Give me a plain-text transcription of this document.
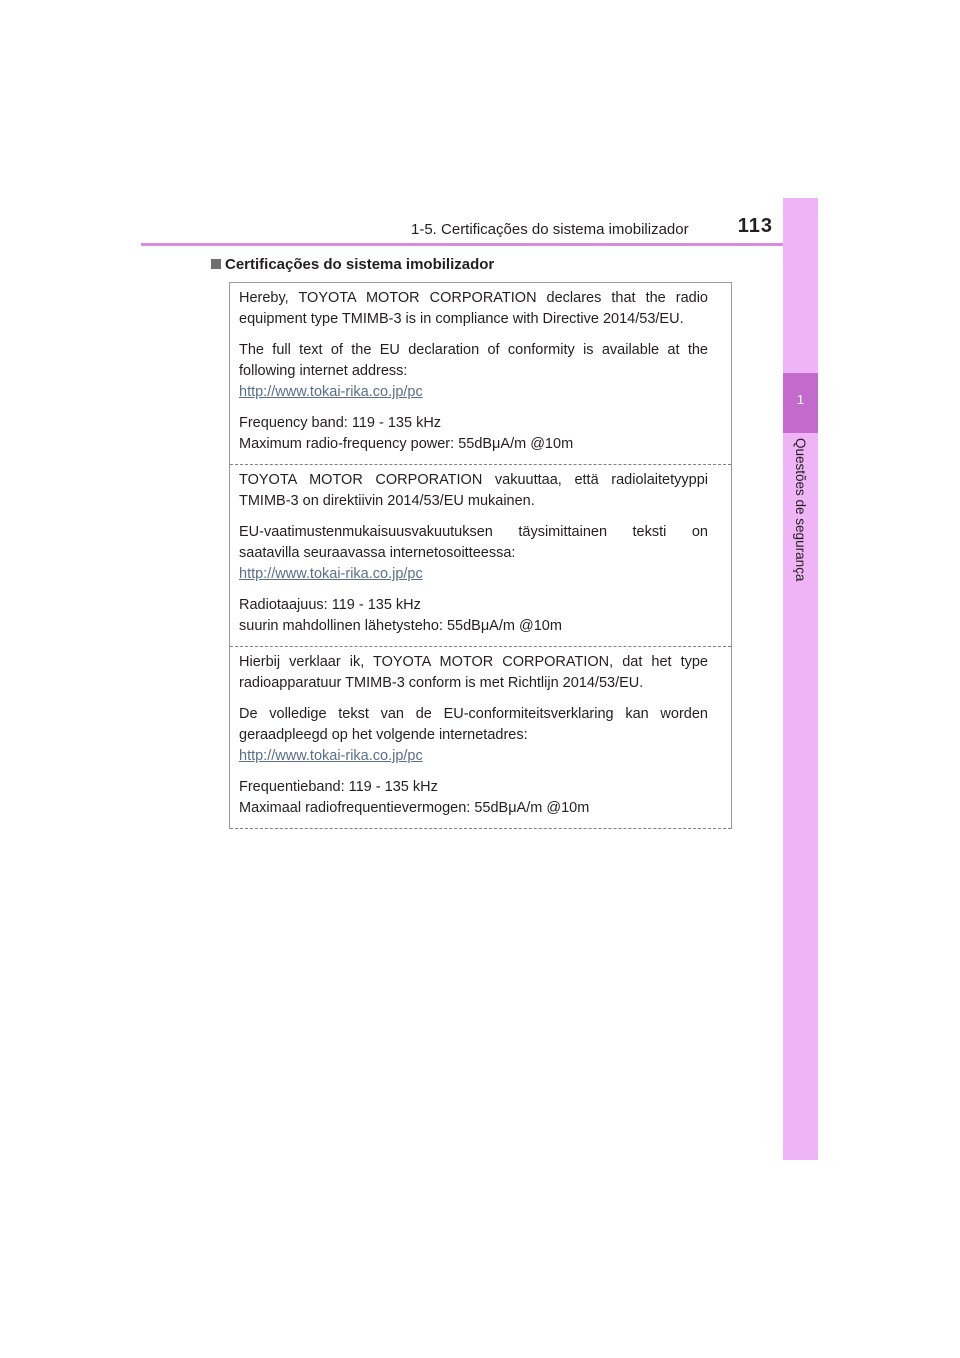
1-5. Certificações do sistema imobilizador	113
1
Questões de segurança
Certificações do sistema imobilizador

Hereby, TOYOTA MOTOR CORPORATION declares that the radio equipment type TMIMB-3 is in compliance with Directive 2014/53/EU.

The full text of the EU declaration of conformity is available at the following internet address:
http://www.tokai-rika.co.jp/pc

Frequency band: 119 - 135 kHz
Maximum radio-frequency power: 55dBμA/m @10m

TOYOTA MOTOR CORPORATION vakuuttaa, että radiolaitetyyppi TMIMB-3 on direktiivin 2014/53/EU mukainen.

EU-vaatimustenmukaisuusvakuutuksen täysimittainen teksti on saatavilla seuraavassa internetosoitteessa:
http://www.tokai-rika.co.jp/pc

Radiotaajuus: 119 - 135 kHz
suurin mahdollinen lähetysteho: 55dBμA/m @10m

Hierbij verklaar ik, TOYOTA MOTOR CORPORATION, dat het type radioapparatuur TMIMB-3 conform is met Richtlijn 2014/53/EU.

De volledige tekst van de EU-conformiteitsverklaring kan worden geraadpleegd op het volgende internetadres:
http://www.tokai-rika.co.jp/pc

Frequentieband: 119 - 135 kHz
Maximaal radiofrequentievermogen: 55dBμA/m @10m
